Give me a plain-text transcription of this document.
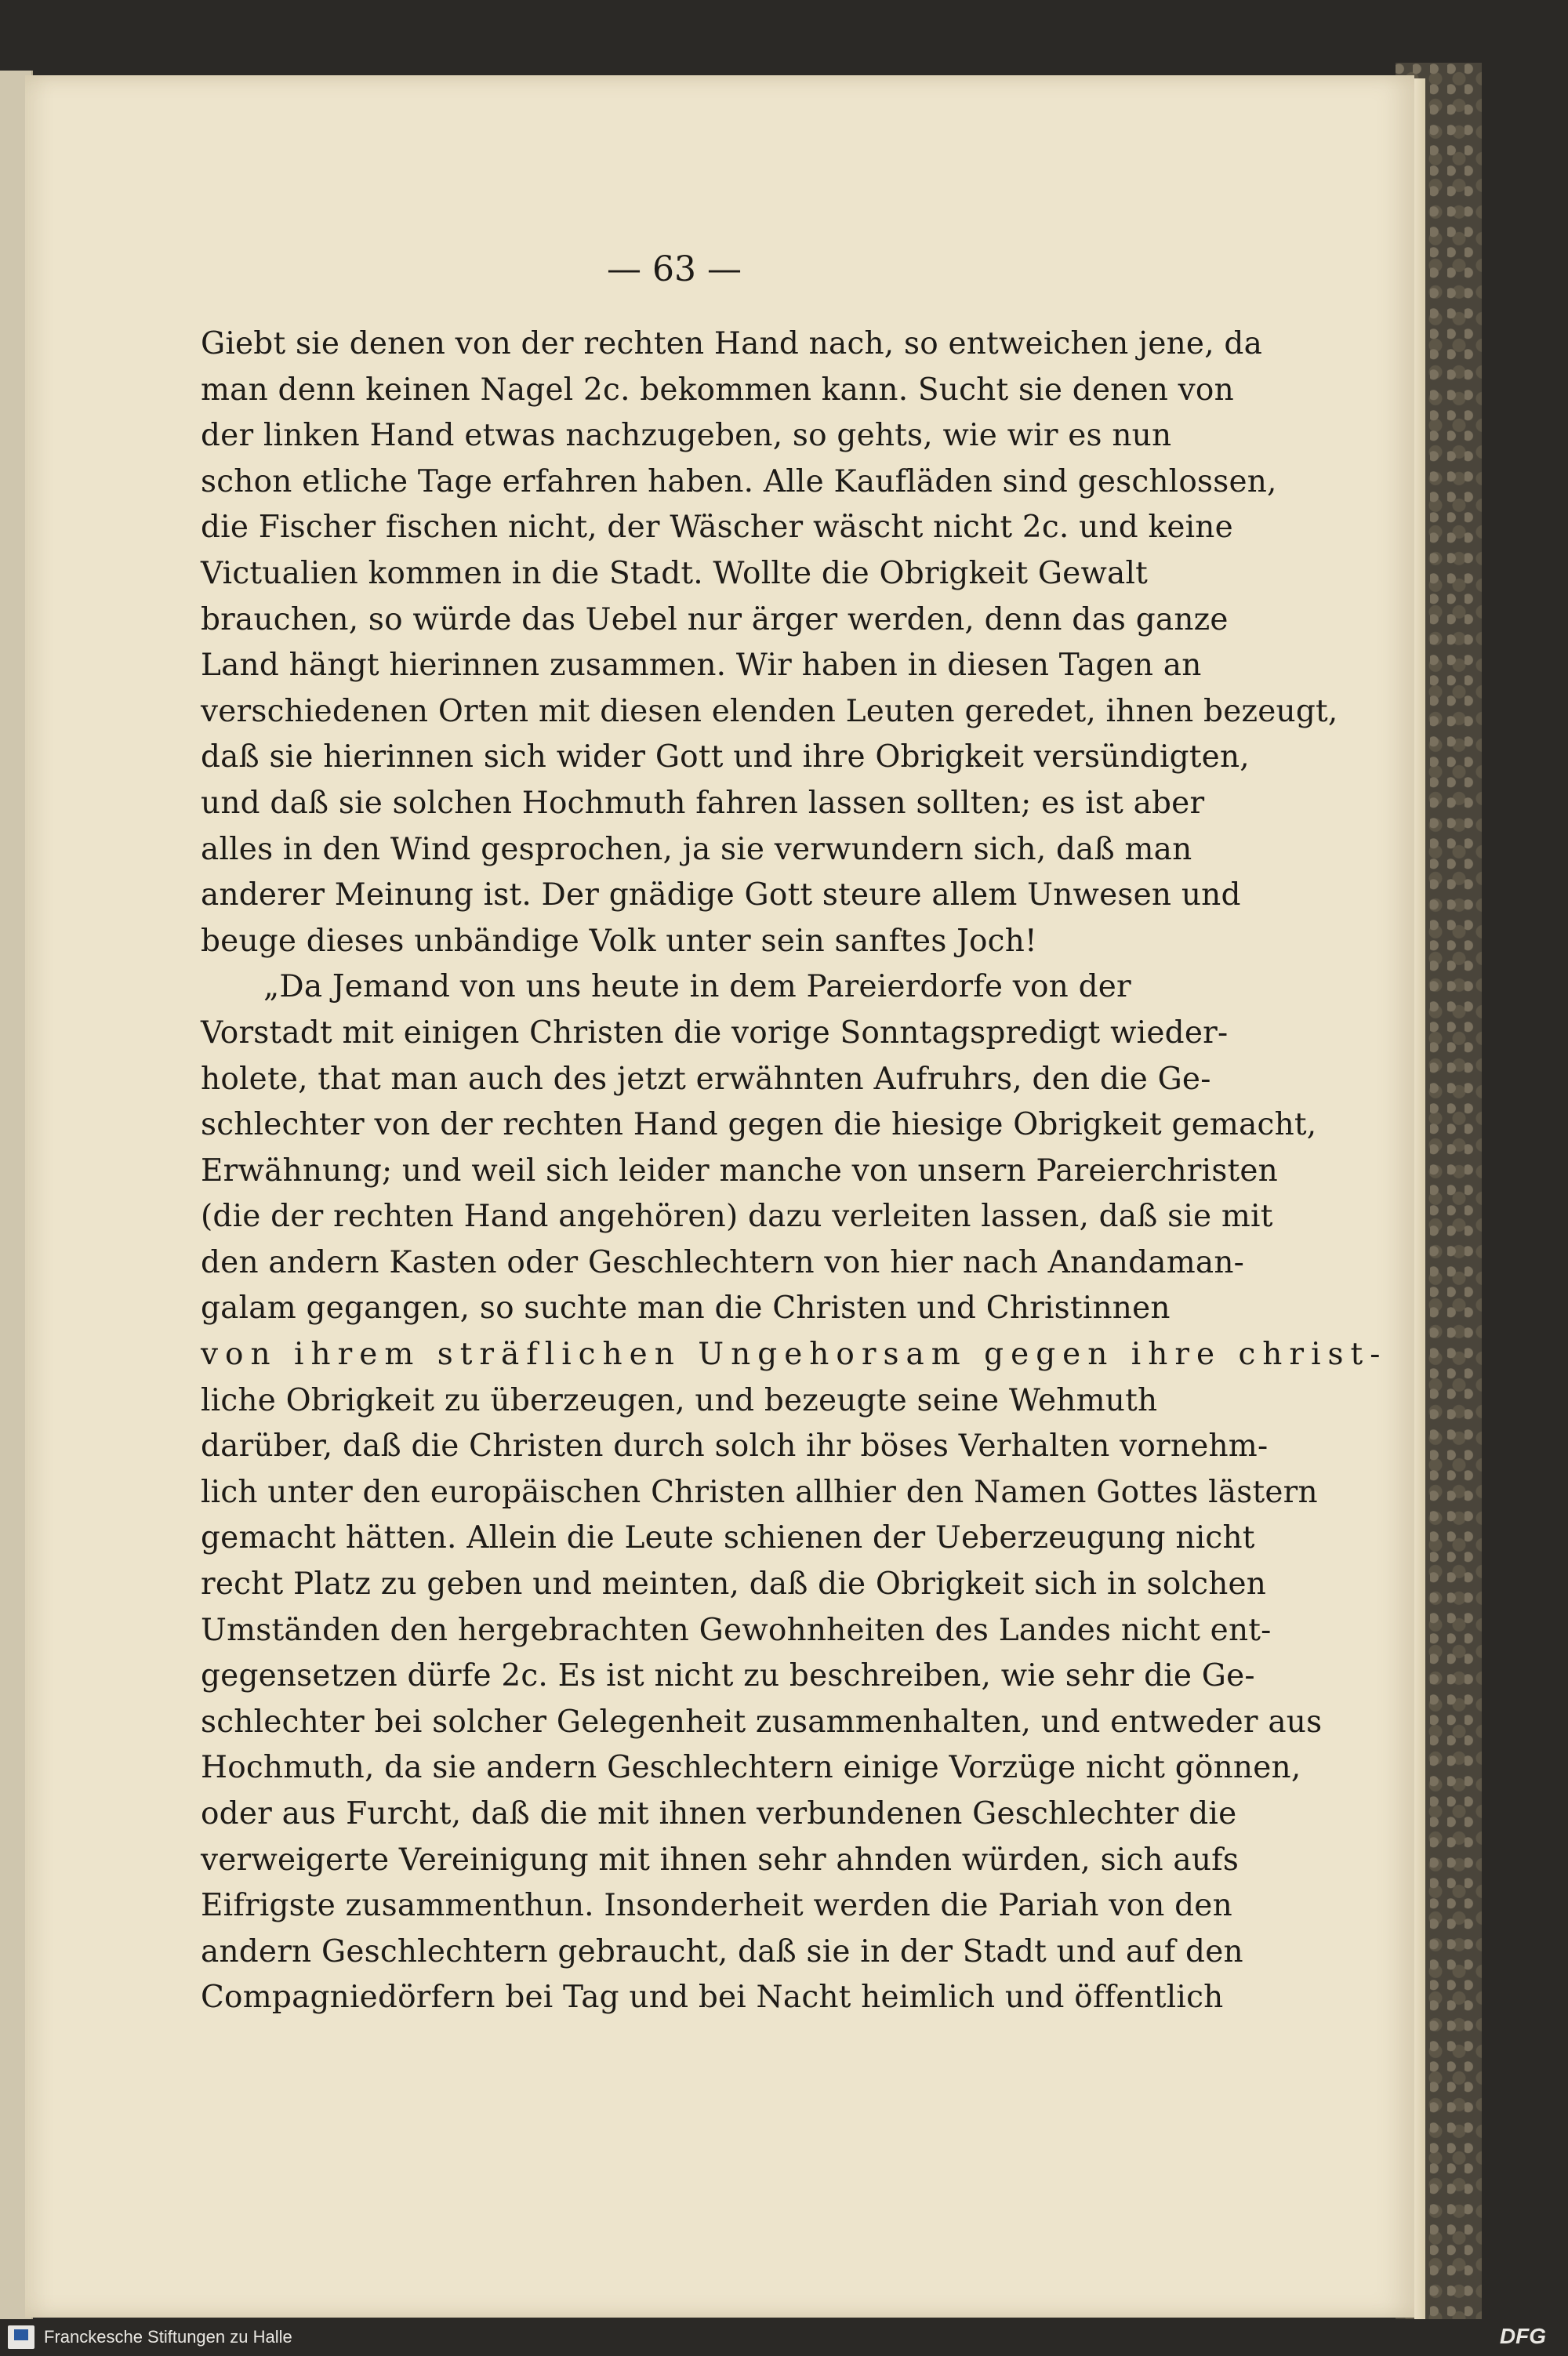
— 63 —
Giebt sie denen von der rechten Hand nach, so entweichen jene, da
man denn keinen Nagel 2c. bekommen kann. Sucht sie denen von
der linken Hand etwas nachzugeben, so gehts, wie wir es nun
schon etliche Tage erfahren haben. Alle Kaufläden sind geschlossen,
die Fischer fischen nicht, der Wäscher wäscht nicht 2c. und keine
Victualien kommen in die Stadt. Wollte die Obrigkeit Gewalt
brauchen, so würde das Uebel nur ärger werden, denn das ganze
Land hängt hierinnen zusammen. Wir haben in diesen Tagen an
verschiedenen Orten mit diesen elenden Leuten geredet, ihnen bezeugt,
daß sie hierinnen sich wider Gott und ihre Obrigkeit versündigten,
und daß sie solchen Hochmuth fahren lassen sollten; es ist aber
alles in den Wind gesprochen, ja sie verwundern sich, daß man
anderer Meinung ist. Der gnädige Gott steure allem Unwesen und
beuge dieses unbändige Volk unter sein sanftes Joch!
„Da Jemand von uns heute in dem Pareierdorfe von der
Vorstadt mit einigen Christen die vorige Sonntagspredigt wieder-
holete, that man auch des jetzt erwähnten Aufruhrs, den die Ge-
schlechter von der rechten Hand gegen die hiesige Obrigkeit gemacht,
Erwähnung; und weil sich leider manche von unsern Pareierchristen
(die der rechten Hand angehören) dazu verleiten lassen, daß sie mit
den andern Kasten oder Geschlechtern von hier nach Anandaman-
galam gegangen, so suchte man die Christen und Christinnen
von ihrem sträflichen Ungehorsam gegen ihre christ-
liche Obrigkeit zu überzeugen, und bezeugte seine Wehmuth
darüber, daß die Christen durch solch ihr böses Verhalten vornehm-
lich unter den europäischen Christen allhier den Namen Gottes lästern
gemacht hätten. Allein die Leute schienen der Ueberzeugung nicht
recht Platz zu geben und meinten, daß die Obrigkeit sich in solchen
Umständen den hergebrachten Gewohnheiten des Landes nicht ent-
gegensetzen dürfe 2c. Es ist nicht zu beschreiben, wie sehr die Ge-
schlechter bei solcher Gelegenheit zusammenhalten, und entweder aus
Hochmuth, da sie andern Geschlechtern einige Vorzüge nicht gönnen,
oder aus Furcht, daß die mit ihnen verbundenen Geschlechter die
verweigerte Vereinigung mit ihnen sehr ahnden würden, sich aufs
Eifrigste zusammenthun. Insonderheit werden die Pariah von den
andern Geschlechtern gebraucht, daß sie in der Stadt und auf den
Compagniedörfern bei Tag und bei Nacht heimlich und öffentlich
Franckesche Stiftungen zu Halle	DFG
